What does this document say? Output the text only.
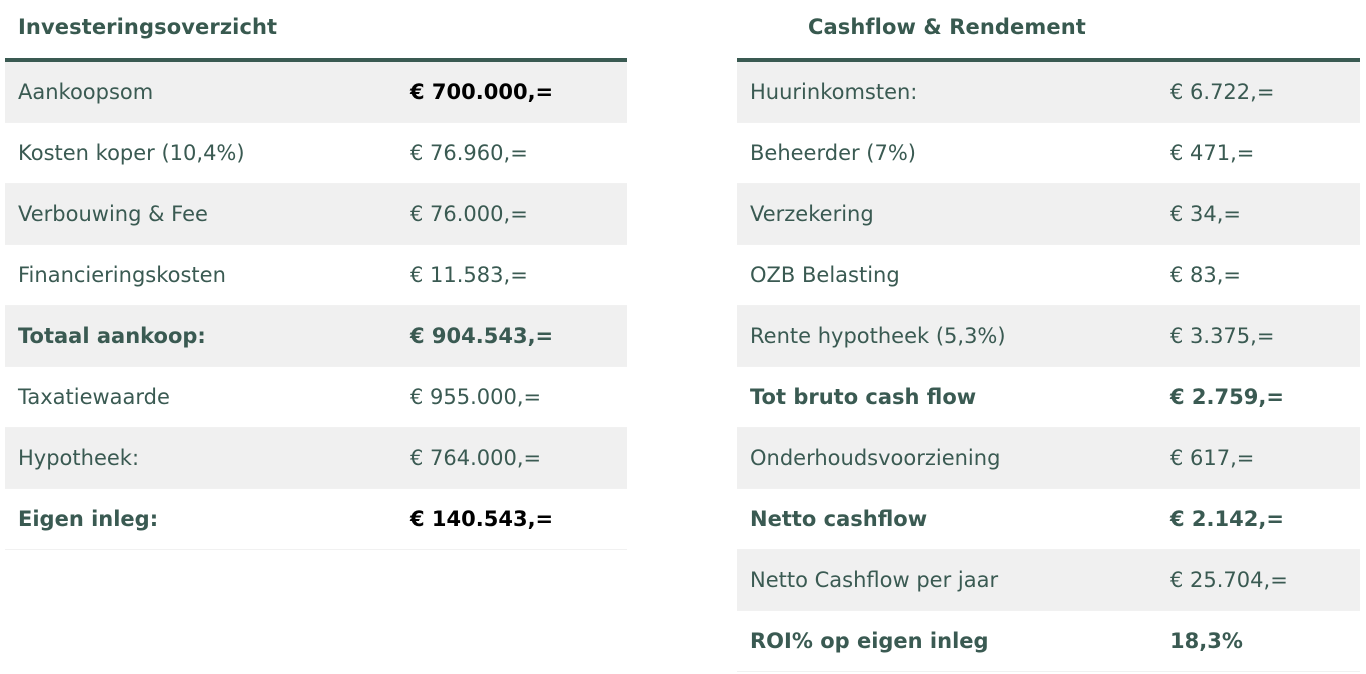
Investeringsoverzicht
Aankoopsom	€ 700.000,=
Kosten koper (10,4%)	€ 76.960,=
Verbouwing & Fee	€ 76.000,=
Financieringskosten	€ 11.583,=
Totaal aankoop:	€ 904.543,=
Taxatiewaarde	€ 955.000,=
Hypotheek:	€ 764.000,=
Eigen inleg:	€ 140.543,=
Cashflow & Rendement
Huurinkomsten:	€ 6.722,=
Beheerder (7%)	€ 471,=
Verzekering	€ 34,=
OZB Belasting	€ 83,=
Rente hypotheek (5,3%)	€ 3.375,=
Tot bruto cash flow	€ 2.759,=
Onderhoudsvoorziening	€ 617,=
Netto cashflow	€ 2.142,=
Netto Cashflow per jaar	€ 25.704,=
ROI% op eigen inleg	18,3%
